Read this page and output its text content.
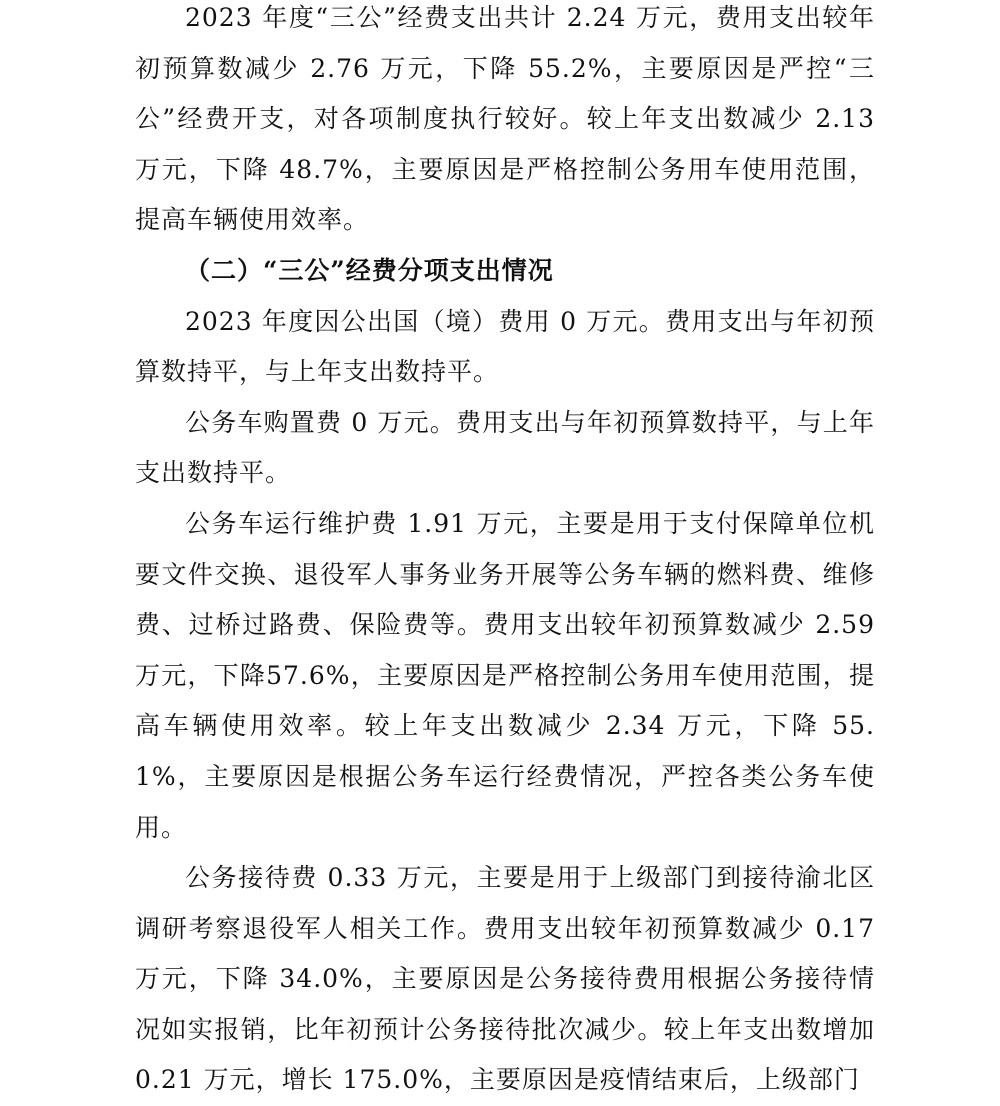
2023 年度“三公”经费支出共计 2.24 万元，费用支出较年初预算数减少 2.76 万元，下降 55.2%，主要原因是严控“三公”经费开支，对各项制度执行较好。较上年支出数减少 2.13 万元，下降 48.7%，主要原因是严格控制公务用车使用范围，提高车辆使用效率。

（二）“三公”经费分项支出情况

2023 年度因公出国（境）费用 0 万元。费用支出与年初预算数持平，与上年支出数持平。

公务车购置费 0 万元。费用支出与年初预算数持平，与上年支出数持平。

公务车运行维护费 1.91 万元，主要是用于支付保障单位机要文件交换、退役军人事务业务开展等公务车辆的燃料费、维修费、过桥过路费、保险费等。费用支出较年初预算数减少 2.59万元，下降57.6%，主要原因是严格控制公务用车使用范围，提高车辆使用效率。较上年支出数减少 2.34 万元，下降 55.1%，主要原因是根据公务车运行经费情况，严控各类公务车使用。

公务接待费 0.33 万元，主要是用于上级部门到接待渝北区调研考察退役军人相关工作。费用支出较年初预算数减少 0.17 万元，下降 34.0%，主要原因是公务接待费用根据公务接待情况如实报销，比年初预计公务接待批次减少。较上年支出数增加 0.21 万元，增长 175.0%，主要原因是疫情结束后，上级部门
